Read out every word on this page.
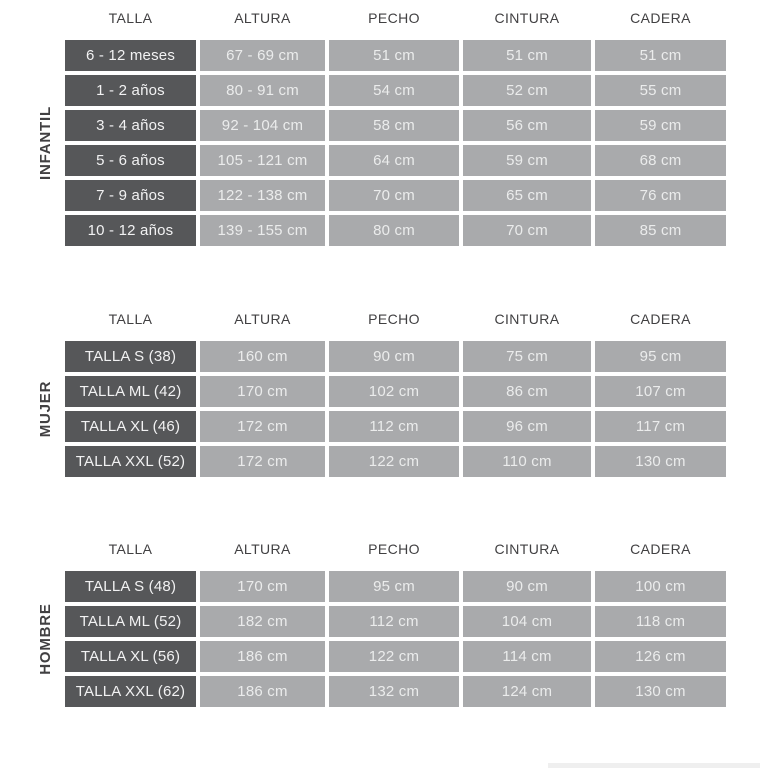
INFANTIL
TALLA	ALTURA	PECHO	CINTURA	CADERA
6 - 12 meses	67 - 69 cm	51 cm	51 cm	51 cm
1 - 2 años	80 - 91 cm	54 cm	52 cm	55 cm
3 - 4 años	92 - 104 cm	58 cm	56 cm	59 cm
5 - 6 años	105 - 121 cm	64 cm	59 cm	68 cm
7 - 9 años	122 - 138 cm	70 cm	65 cm	76 cm
10 - 12 años	139 - 155 cm	80 cm	70 cm	85 cm
MUJER
TALLA	ALTURA	PECHO	CINTURA	CADERA
TALLA S (38)	160 cm	90 cm	75 cm	95 cm
TALLA ML (42)	170 cm	102 cm	86 cm	107 cm
TALLA XL (46)	172 cm	112 cm	96 cm	117 cm
TALLA XXL (52)	172 cm	122 cm	110 cm	130 cm
HOMBRE
TALLA	ALTURA	PECHO	CINTURA	CADERA
TALLA S (48)	170 cm	95 cm	90 cm	100 cm
TALLA ML (52)	182 cm	112 cm	104 cm	118 cm
TALLA XL (56)	186 cm	122 cm	114 cm	126 cm
TALLA XXL (62)	186 cm	132 cm	124 cm	130 cm
